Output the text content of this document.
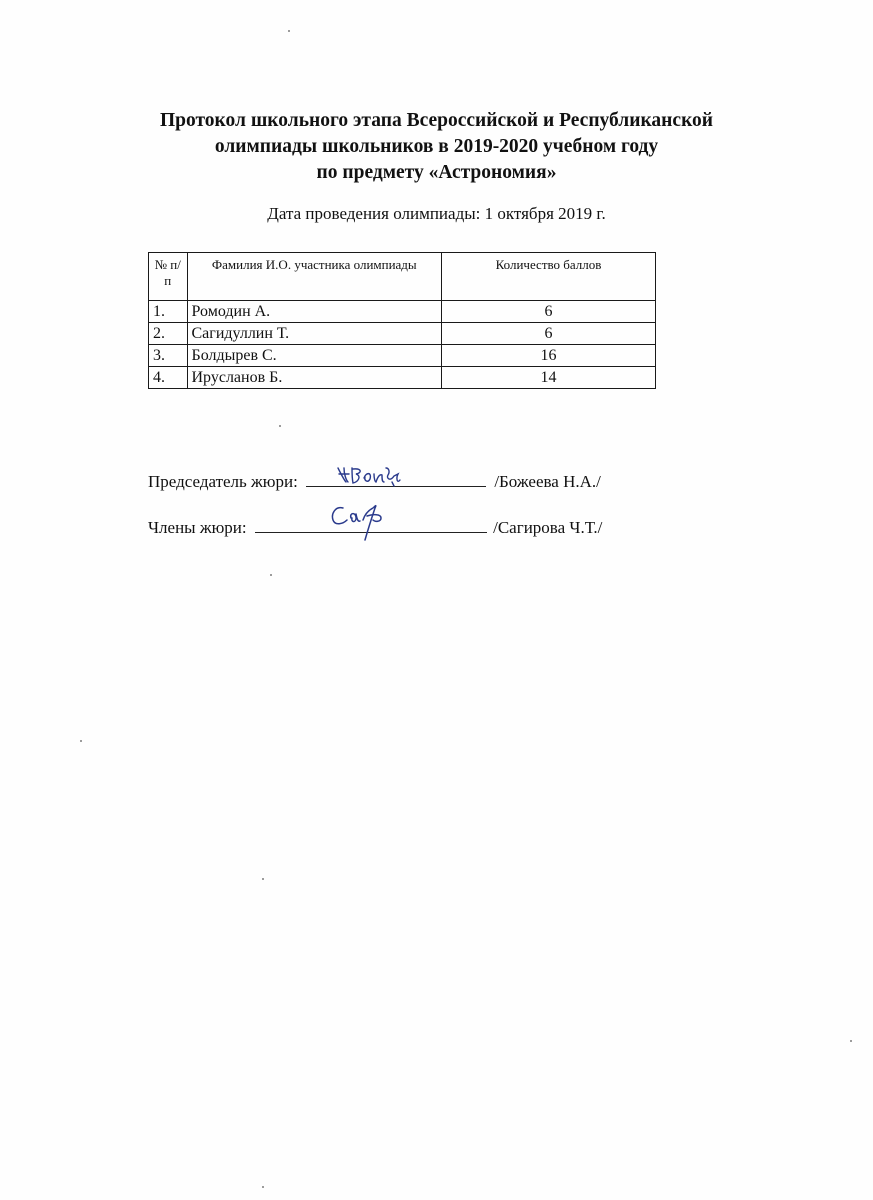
Протокол школьного этапа Всероссийской и Республиканской
олимпиады школьников в 2019-2020 учебном году
по предмету «Астрономия»
Дата проведения олимпиады: 1 октября 2019 г.
№ п/п	Фамилия И.О. участника олимпиады	Количество баллов
1.	Ромодин А.	6
2.	Сагидуллин Т.	6
3.	Болдырев С.	16
4.	Ирусланов Б.	14
Председатель жюри:	/Божеева Н.А./
Члены жюри:	/Сагирова Ч.Т./
